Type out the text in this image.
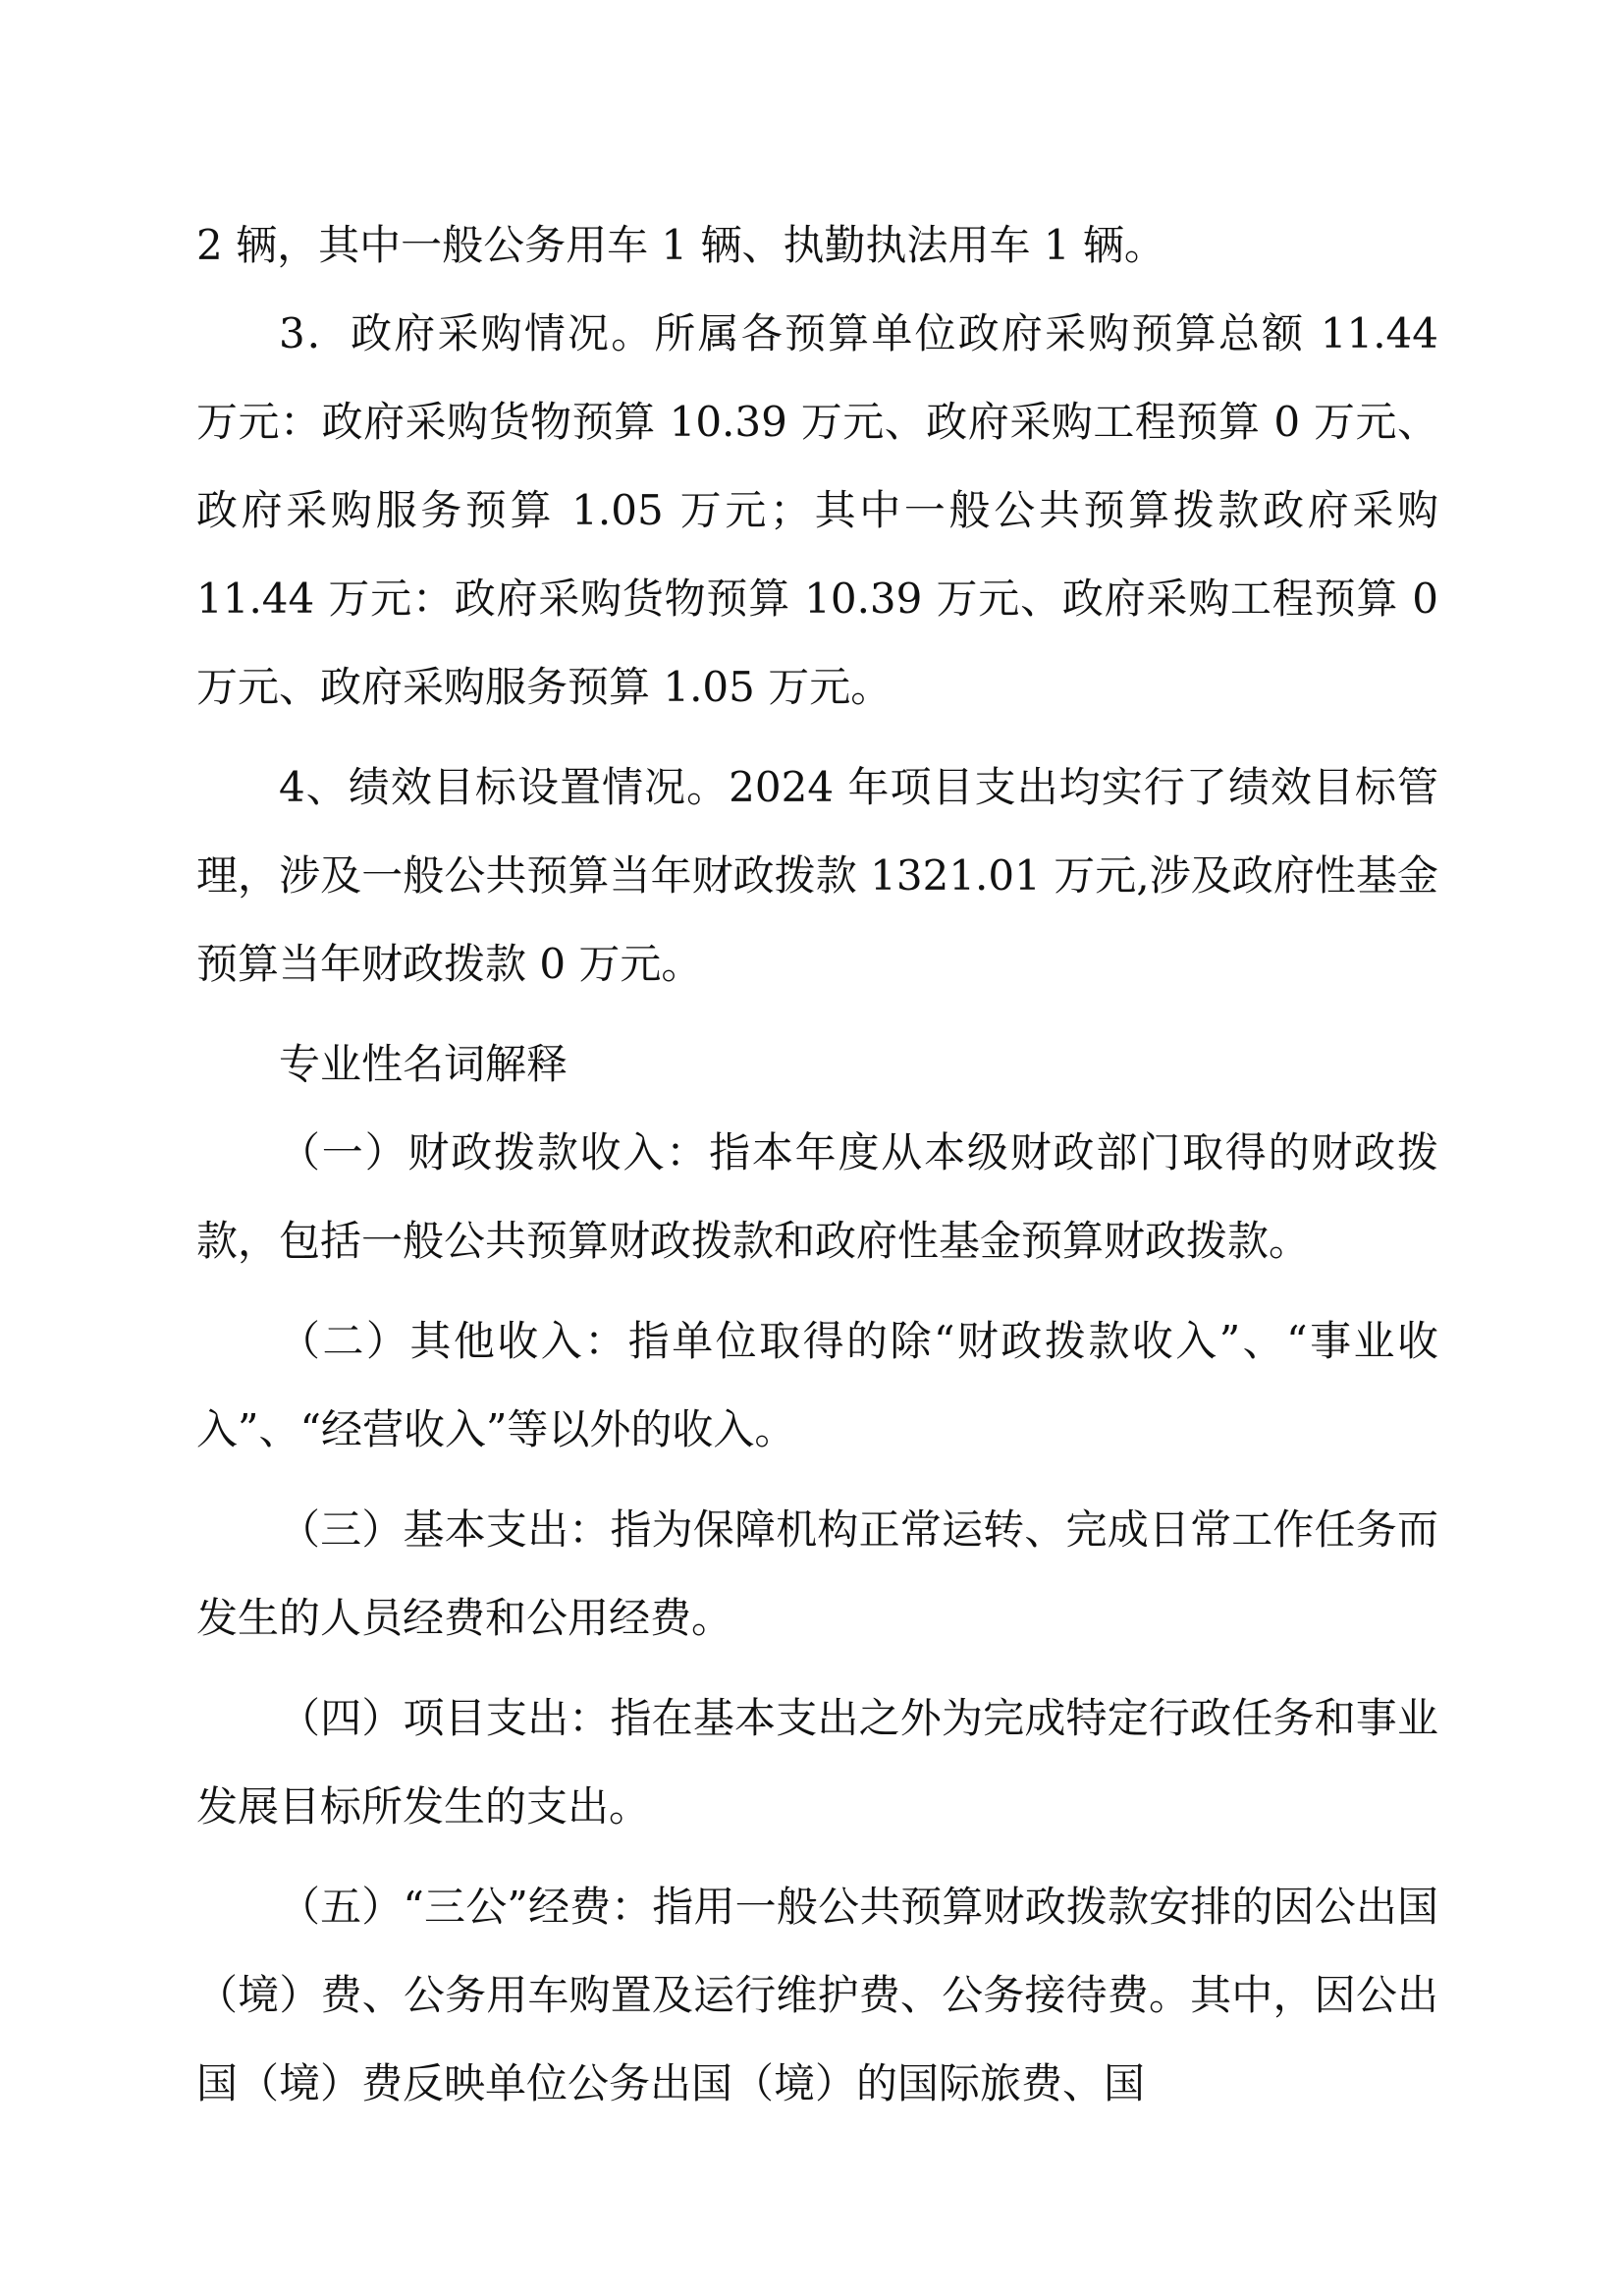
2 辆，其中一般公务用车 1 辆、执勤执法用车 1 辆。

3．政府采购情况。所属各预算单位政府采购预算总额 11.44 万元：政府采购货物预算 10.39 万元、政府采购工程预算 0 万元、政府采购服务预算 1.05 万元；其中一般公共预算拨款政府采购 11.44 万元：政府采购货物预算 10.39 万元、政府采购工程预算 0 万元、政府采购服务预算 1.05 万元。

4、绩效目标设置情况。2024 年项目支出均实行了绩效目标管理，涉及一般公共预算当年财政拨款 1321.01 万元,涉及政府性基金预算当年财政拨款 0 万元。

专业性名词解释

（一）财政拨款收入：指本年度从本级财政部门取得的财政拨款，包括一般公共预算财政拨款和政府性基金预算财政拨款。

（二）其他收入：指单位取得的除“财政拨款收入”、“事业收入”、“经营收入”等以外的收入。

（三）基本支出：指为保障机构正常运转、完成日常工作任务而发生的人员经费和公用经费。

（四）项目支出：指在基本支出之外为完成特定行政任务和事业发展目标所发生的支出。

（五）“三公”经费：指用一般公共预算财政拨款安排的因公出国（境）费、公务用车购置及运行维护费、公务接待费。其中，因公出国（境）费反映单位公务出国（境）的国际旅费、国
